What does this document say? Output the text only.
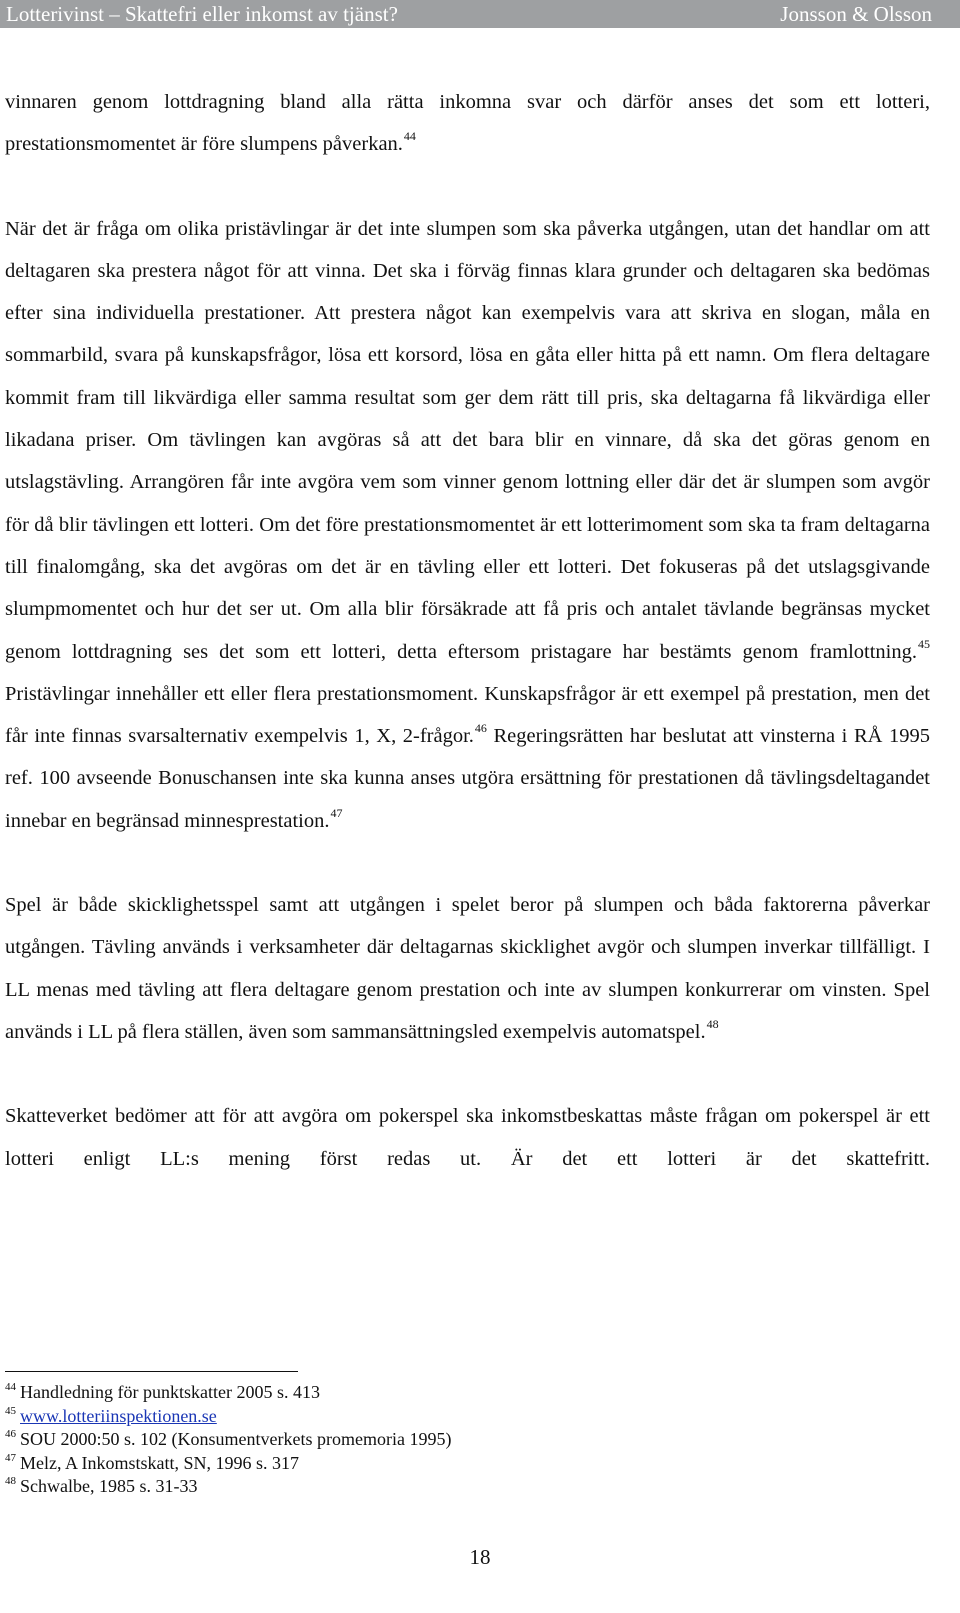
Lotterivinst – Skattefri eller inkomst av tjänst?	Jonsson & Olsson

vinnaren genom lottdragning bland alla rätta inkomna svar och därför anses det som ett lotteri, prestationsmomentet är före slumpens påverkan.$^{44}$

När det är fråga om olika pristävlingar är det inte slumpen som ska påverka utgången, utan det handlar om att deltagaren ska prestera något för att vinna. Det ska i förväg finnas klara grunder och deltagaren ska bedömas efter sina individuella prestationer. Att prestera något kan exempelvis vara att skriva en slogan, måla en sommarbild, svara på kunskapsfrågor, lösa ett korsord, lösa en gåta eller hitta på ett namn. Om flera deltagare kommit fram till likvärdiga eller samma resultat som ger dem rätt till pris, ska deltagarna få likvärdiga eller likadana priser. Om tävlingen kan avgöras så att det bara blir en vinnare, då ska det göras genom en utslagstävling. Arrangören får inte avgöra vem som vinner genom lottning eller där det är slumpen som avgör för då blir tävlingen ett lotteri. Om det före prestationsmomentet är ett lotterimoment som ska ta fram deltagarna till finalomgång, ska det avgöras om det är en tävling eller ett lotteri. Det fokuseras på det utslagsgivande slumpmomentet och hur det ser ut. Om alla blir försäkrade att få pris och antalet tävlande begränsas mycket genom lottdragning ses det som ett lotteri, detta eftersom pristagare har bestämts genom framlottning.$^{45}$ Pristävlingar innehåller ett eller flera prestationsmoment. Kunskapsfrågor är ett exempel på prestation, men det får inte finnas svarsalternativ exempelvis 1, X, 2-frågor.$^{46}$ Regeringsrätten har beslutat att vinsterna i RÅ 1995 ref. 100 avseende Bonuschansen inte ska kunna anses utgöra ersättning för prestationen då tävlingsdeltagandet innebar en begränsad minnesprestation.$^{47}$

Spel är både skicklighetsspel samt att utgången i spelet beror på slumpen och båda faktorerna påverkar utgången. Tävling används i verksamheter där deltagarnas skicklighet avgör och slumpen inverkar tillfälligt. I LL menas med tävling att flera deltagare genom prestation och inte av slumpen konkurrerar om vinsten. Spel används i LL på flera ställen, även som sammansättningsled exempelvis automatspel.$^{48}$

Skatteverket bedömer att för att avgöra om pokerspel ska inkomstbeskattas måste frågan om pokerspel är ett lotteri enligt LL:s mening först redas ut. Är det ett lotteri är det skattefritt.

$^{44}$ Handledning för punktskatter 2005 s. 413
$^{45}$ www.lotteriinspektionen.se
$^{46}$ SOU 2000:50 s. 102 (Konsumentverkets promemoria 1995)
$^{47}$ Melz, A Inkomstskatt, SN, 1996 s. 317
$^{48}$ Schwalbe, 1985 s. 31-33
18
